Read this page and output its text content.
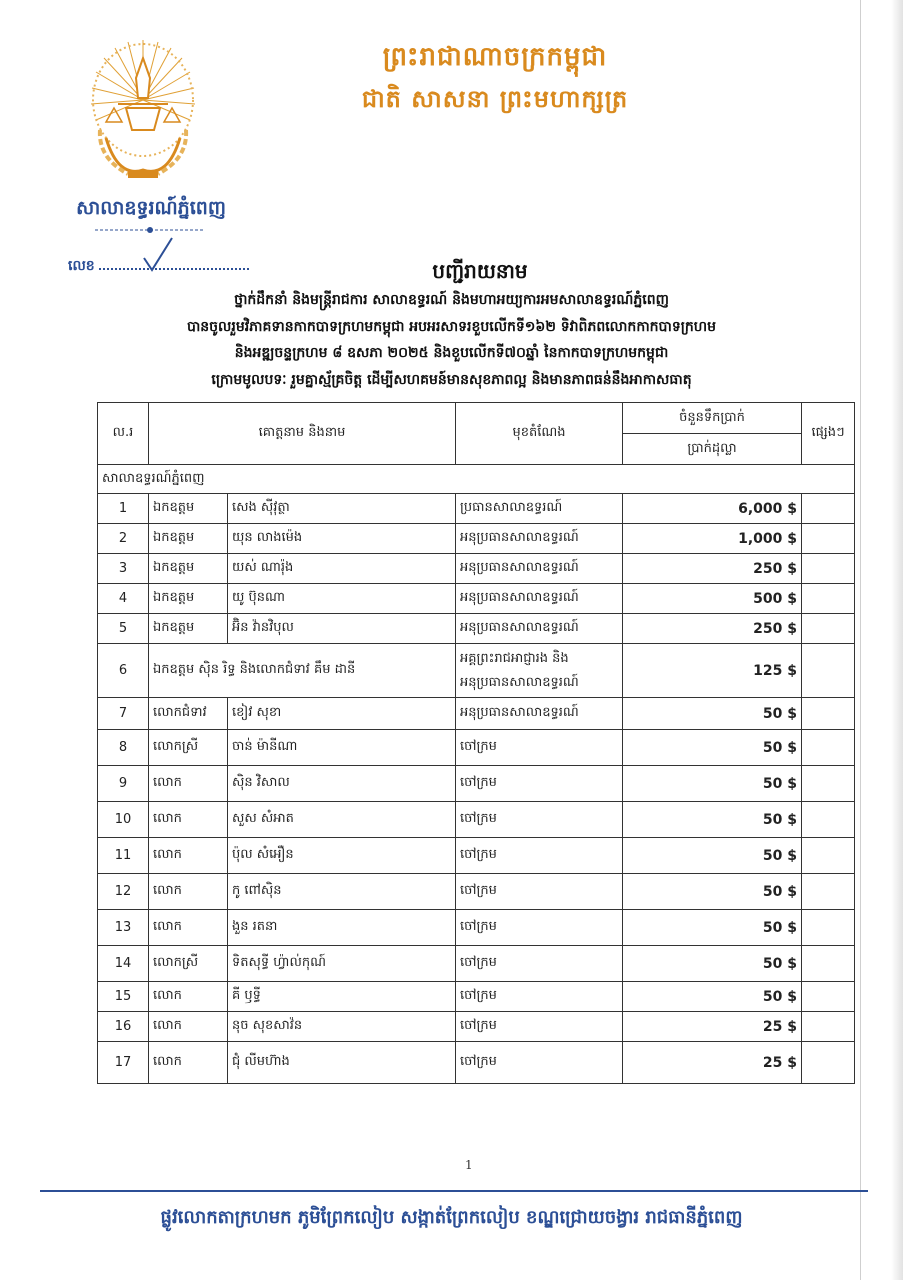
សាលាឧទ្ធរណ៍ភ្នំពេញ
លេខ
ព្រះរាជាណាចក្រកម្ពុជា
ជាតិ សាសនា ព្រះមហាក្សត្រ
បញ្ជីរាយនាម
ថ្នាក់ដឹកនាំ និងមន្ត្រីរាជការ សាលាឧទ្ធរណ៍ និងមហាអយ្យការអមសាលាឧទ្ធរណ៍ភ្នំពេញ
បានចូលរួមវិភាគទានកាកបាទក្រហមកម្ពុជា អបអរសាទរខួបលើកទី១៦២ ទិវាពិភពលោកកាកបាទក្រហម
និងអឌ្ឍចន្ទក្រហម ៨ ឧសភា ២០២៥ និងខួបលើកទី៧០ឆ្នាំ នៃកាកបាទក្រហមកម្ពុជា
ក្រោមមូលបទៈ រួមគ្នាស្ម័គ្រចិត្ត ដើម្បីសហគមន៍មានសុខភាពល្អ និងមានភាពធន់នឹងអាកាសធាតុ
ល.រ	គោត្តនាម និងនាម		មុខតំណែង	ចំនួនទឹកប្រាក់	ផ្សេងៗ
				ប្រាក់ដុល្លា	
សាលាឧទ្ធរណ៍ភ្នំពេញ					
1	ឯកឧត្តម	សេង ស៊ីវុត្ថា	ប្រធានសាលាឧទ្ធរណ៍	6,000 $	
2	ឯកឧត្តម	យុន លាងម៉េង	អនុប្រធានសាលាឧទ្ធរណ៍	1,000 $	
3	ឯកឧត្តម	យស់ ណារ៉ុង	អនុប្រធានសាលាឧទ្ធរណ៍	250 $	
4	ឯកឧត្តម	យូ ប៊ុនណា	អនុប្រធានសាលាឧទ្ធរណ៍	500 $	
5	ឯកឧត្តម	អ៊ិន វ៉ានវិបុល	អនុប្រធានសាលាឧទ្ធរណ៍	250 $	
6	ឯកឧត្តម ស៊ិន រិទ្ធ និងលោកជំទាវ គឹម ដានី		អគ្គព្រះរាជអាជ្ញារង និង
អនុប្រធានសាលាឧទ្ធរណ៍	125 $	
7	លោកជំទាវ	ខៀវ សុខា	អនុប្រធានសាលាឧទ្ធរណ៍	50 $	
8	លោកស្រី	ចាន់ ម៉ានីណា	ចៅក្រម	50 $	
9	លោក	ស៊ិន វិសាល	ចៅក្រម	50 $	
10	លោក	សួស សំអាត	ចៅក្រម	50 $	
11	លោក	ប៉ុល សំអឿន	ចៅក្រម	50 $	
12	លោក	កូ ពៅស៊ិន	ចៅក្រម	50 $	
13	លោក	ងួន រតនា	ចៅក្រម	50 $	
14	លោកស្រី	ទិតសុទ្ធី ហ្វ៉ាល់កុណ៍	ចៅក្រម	50 $	
15	លោក	គី ឫទ្ធី	ចៅក្រម	50 $	
16	លោក	នុច សុខសាវ៉ន	ចៅក្រម	25 $	
17	លោក	ជុំ លីមហ៊ាង	ចៅក្រម	25 $	
1
ផ្លូវលោកតាក្រហមក ភូមិព្រែកលៀប សង្កាត់ព្រែកលៀប ខណ្ឌជ្រោយចង្វារ រាជធានីភ្នំពេញ
